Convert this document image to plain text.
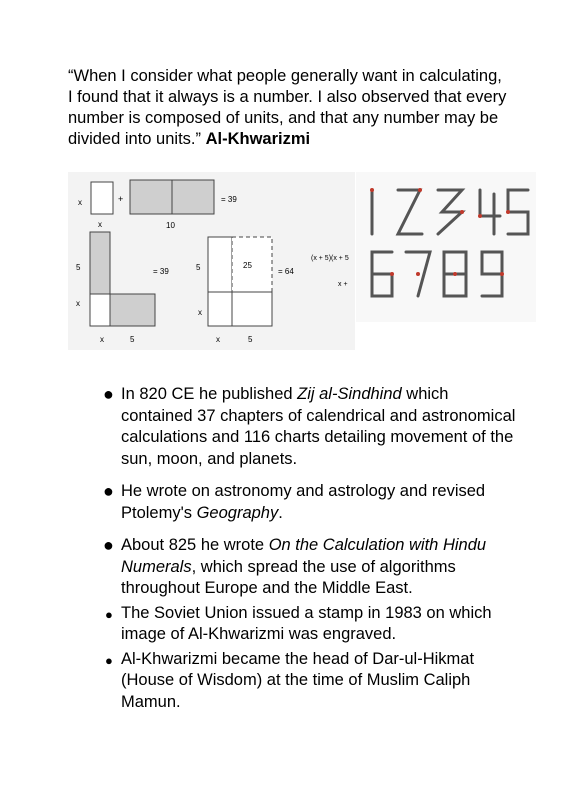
“When I consider what people generally want in calculating, I found that it always is a number. I also observed that every number is composed of units, and that any number may be divided into units.” Al-Khwarizmi
x
x
+
10
= 39
5
x
= 39
x	5
5	25
x
= 64
x	5
(x + 5)(x + 5
x +
● In 820 CE he published Zij al-Sindhind which contained 37 chapters of calendrical and astronomical calculations and 116 charts detailing movement of the sun, moon, and planets.
● He wrote on astronomy and astrology and revised Ptolemy's Geography.
● About 825 he wrote On the Calculation with Hindu Numerals, which spread the use of algorithms throughout Europe and the Middle East.
● The Soviet Union issued a stamp in 1983 on which image of Al-Khwarizmi was engraved.
● Al-Khwarizmi became the head of Dar-ul-Hikmat (House of Wisdom) at the time of Muslim Caliph Mamun.
